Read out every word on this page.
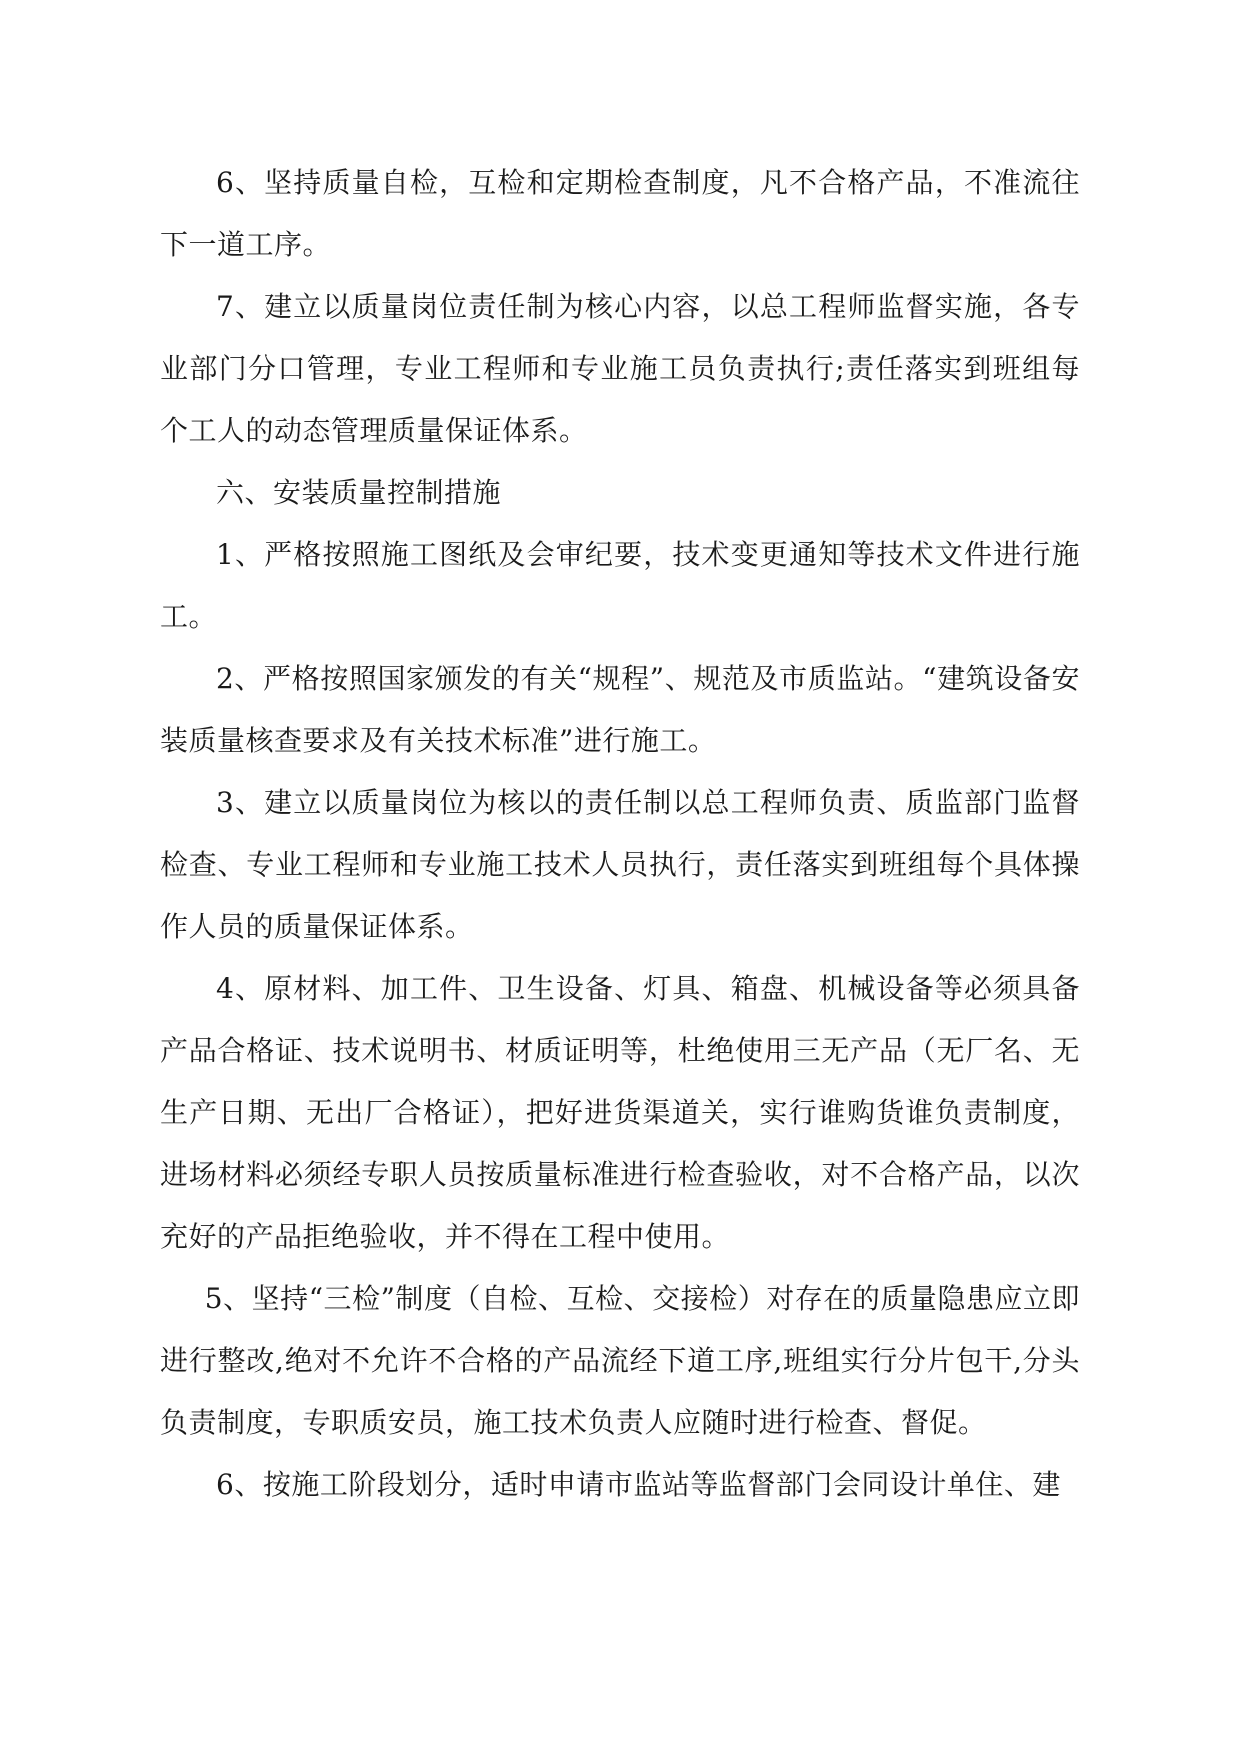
6、坚持质量自检，互检和定期检查制度，凡不合格产品，不准流往下一道工序。

7、建立以质量岗位责任制为核心内容，以总工程师监督实施，各专业部门分口管理，专业工程师和专业施工员负责执行;责任落实到班组每个工人的动态管理质量保证体系。

六、安装质量控制措施

1、严格按照施工图纸及会审纪要，技术变更通知等技术文件进行施工。

2、严格按照国家颁发的有关“规程”、规范及市质监站。“建筑设备安装质量核查要求及有关技术标准”进行施工。

3、建立以质量岗位为核以的责任制以总工程师负责、质监部门监督检查、专业工程师和专业施工技术人员执行，责任落实到班组每个具体操作人员的质量保证体系。

4、原材料、加工件、卫生设备、灯具、箱盘、机械设备等必须具备产品合格证、技术说明书、材质证明等，杜绝使用三无产品（无厂名、无生产日期、无出厂合格证），把好进货渠道关，实行谁购货谁负责制度，进场材料必须经专职人员按质量标准进行检查验收，对不合格产品，以次充好的产品拒绝验收，并不得在工程中使用。

5、坚持“三检”制度（自检、互检、交接检）对存在的质量隐患应立即进行整改,绝对不允许不合格的产品流经下道工序,班组实行分片包干,分头负责制度，专职质安员，施工技术负责人应随时进行检查、督促。

6、按施工阶段划分，适时申请市监站等监督部门会同设计单住、建
